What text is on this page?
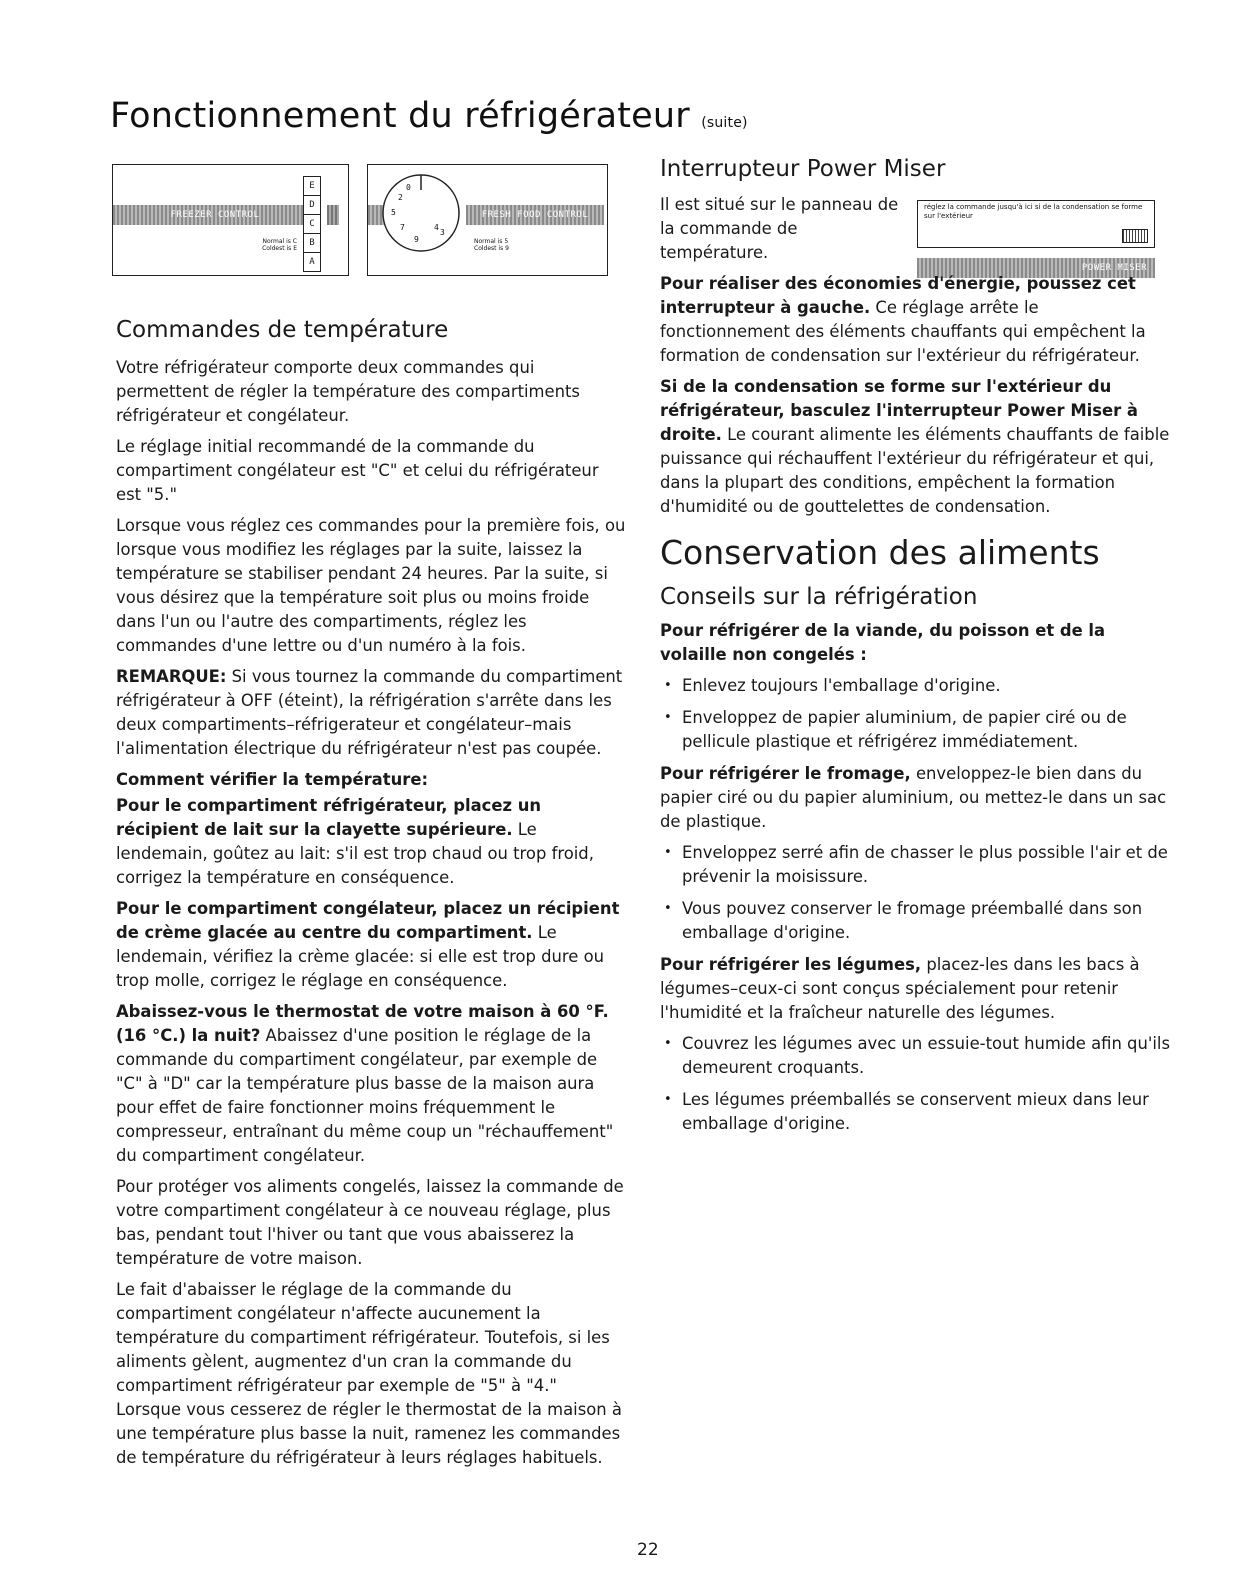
Fonctionnement du réfrigérateur (suite)
FREEZER CONTROL
E
D
C
B
A
Normal is C
Coldest is E
FRESH FOOD CONTROL
0
2
5
7
9
4
3
Normal is 5
Coldest is 9
réglez la commande jusqu'à ici si de la condensation se forme sur l'extérieur
POWER MISER
Commandes de température

Votre réfrigérateur comporte deux commandes qui permettent de régler la température des compartiments réfrigérateur et congélateur.

Le réglage initial recommandé de la commande du compartiment congélateur est "C" et celui du réfrigérateur est "5."

Lorsque vous réglez ces commandes pour la première fois, ou lorsque vous modifiez les réglages par la suite, laissez la température se stabiliser pendant 24 heures. Par la suite, si vous désirez que la température soit plus ou moins froide dans l'un ou l'autre des compartiments, réglez les commandes d'une lettre ou d'un numéro à la fois.

REMARQUE: Si vous tournez la commande du compartiment réfrigérateur à OFF (éteint), la réfrigération s'arrête dans les deux compartiments–réfrigerateur et congélateur–mais l'alimentation électrique du réfrigérateur n'est pas coupée.

Comment vérifier la température:

Pour le compartiment réfrigérateur, placez un récipient de lait sur la clayette supérieure. Le lendemain, goûtez au lait: s'il est trop chaud ou trop froid, corrigez la température en conséquence.

Pour le compartiment congélateur, placez un récipient de crème glacée au centre du compartiment. Le lendemain, vérifiez la crème glacée: si elle est trop dure ou trop molle, corrigez le réglage en conséquence.

Abaissez-vous le thermostat de votre maison à 60 °F. (16 °C.) la nuit? Abaissez d'une position le réglage de la commande du compartiment congélateur, par exemple de "C" à "D" car la température plus basse de la maison aura pour effet de faire fonctionner moins fréquemment le compresseur, entraînant du même coup un "réchauffement" du compartiment congélateur.

Pour protéger vos aliments congelés, laissez la commande de votre compartiment congélateur à ce nouveau réglage, plus bas, pendant tout l'hiver ou tant que vous abaisserez la température de votre maison.

Le fait d'abaisser le réglage de la commande du compartiment congélateur n'affecte aucunement la température du compartiment réfrigérateur. Toutefois, si les aliments gèlent, augmentez d'un cran la commande du compartiment réfrigérateur par exemple de "5" à "4." Lorsque vous cesserez de régler le thermostat de la maison à une température plus basse la nuit, ramenez les commandes de température du réfrigérateur à leurs réglages habituels.

Interrupteur Power Miser

Il est situé sur le panneau de la commande de température.

Pour réaliser des économies d'énergie, poussez cet interrupteur à gauche. Ce réglage arrête le fonctionnement des éléments chauffants qui empêchent la formation de condensation sur l'extérieur du réfrigérateur.

Si de la condensation se forme sur l'extérieur du réfrigérateur, basculez l'interrupteur Power Miser à droite. Le courant alimente les éléments chauffants de faible puissance qui réchauffent l'extérieur du réfrigérateur et qui, dans la plupart des conditions, empêchent la formation d'humidité ou de gouttelettes de condensation.

Conservation des aliments
Conseils sur la réfrigération

Pour réfrigérer de la viande, du poisson et de la volaille non congelés :

• Enlevez toujours l'emballage d'origine.
• Enveloppez de papier aluminium, de papier ciré ou de pellicule plastique et réfrigérez immédiatement.

Pour réfrigérer le fromage, enveloppez-le bien dans du papier ciré ou du papier aluminium, ou mettez-le dans un sac de plastique.

• Enveloppez serré afin de chasser le plus possible l'air et de prévenir la moisissure.
• Vous pouvez conserver le fromage préemballé dans son emballage d'origine.

Pour réfrigérer les légumes, placez-les dans les bacs à légumes–ceux-ci sont conçus spécialement pour retenir l'humidité et la fraîcheur naturelle des légumes.

• Couvrez les légumes avec un essuie-tout humide afin qu'ils demeurent croquants.
• Les légumes préemballés se conservent mieux dans leur emballage d'origine.
22
